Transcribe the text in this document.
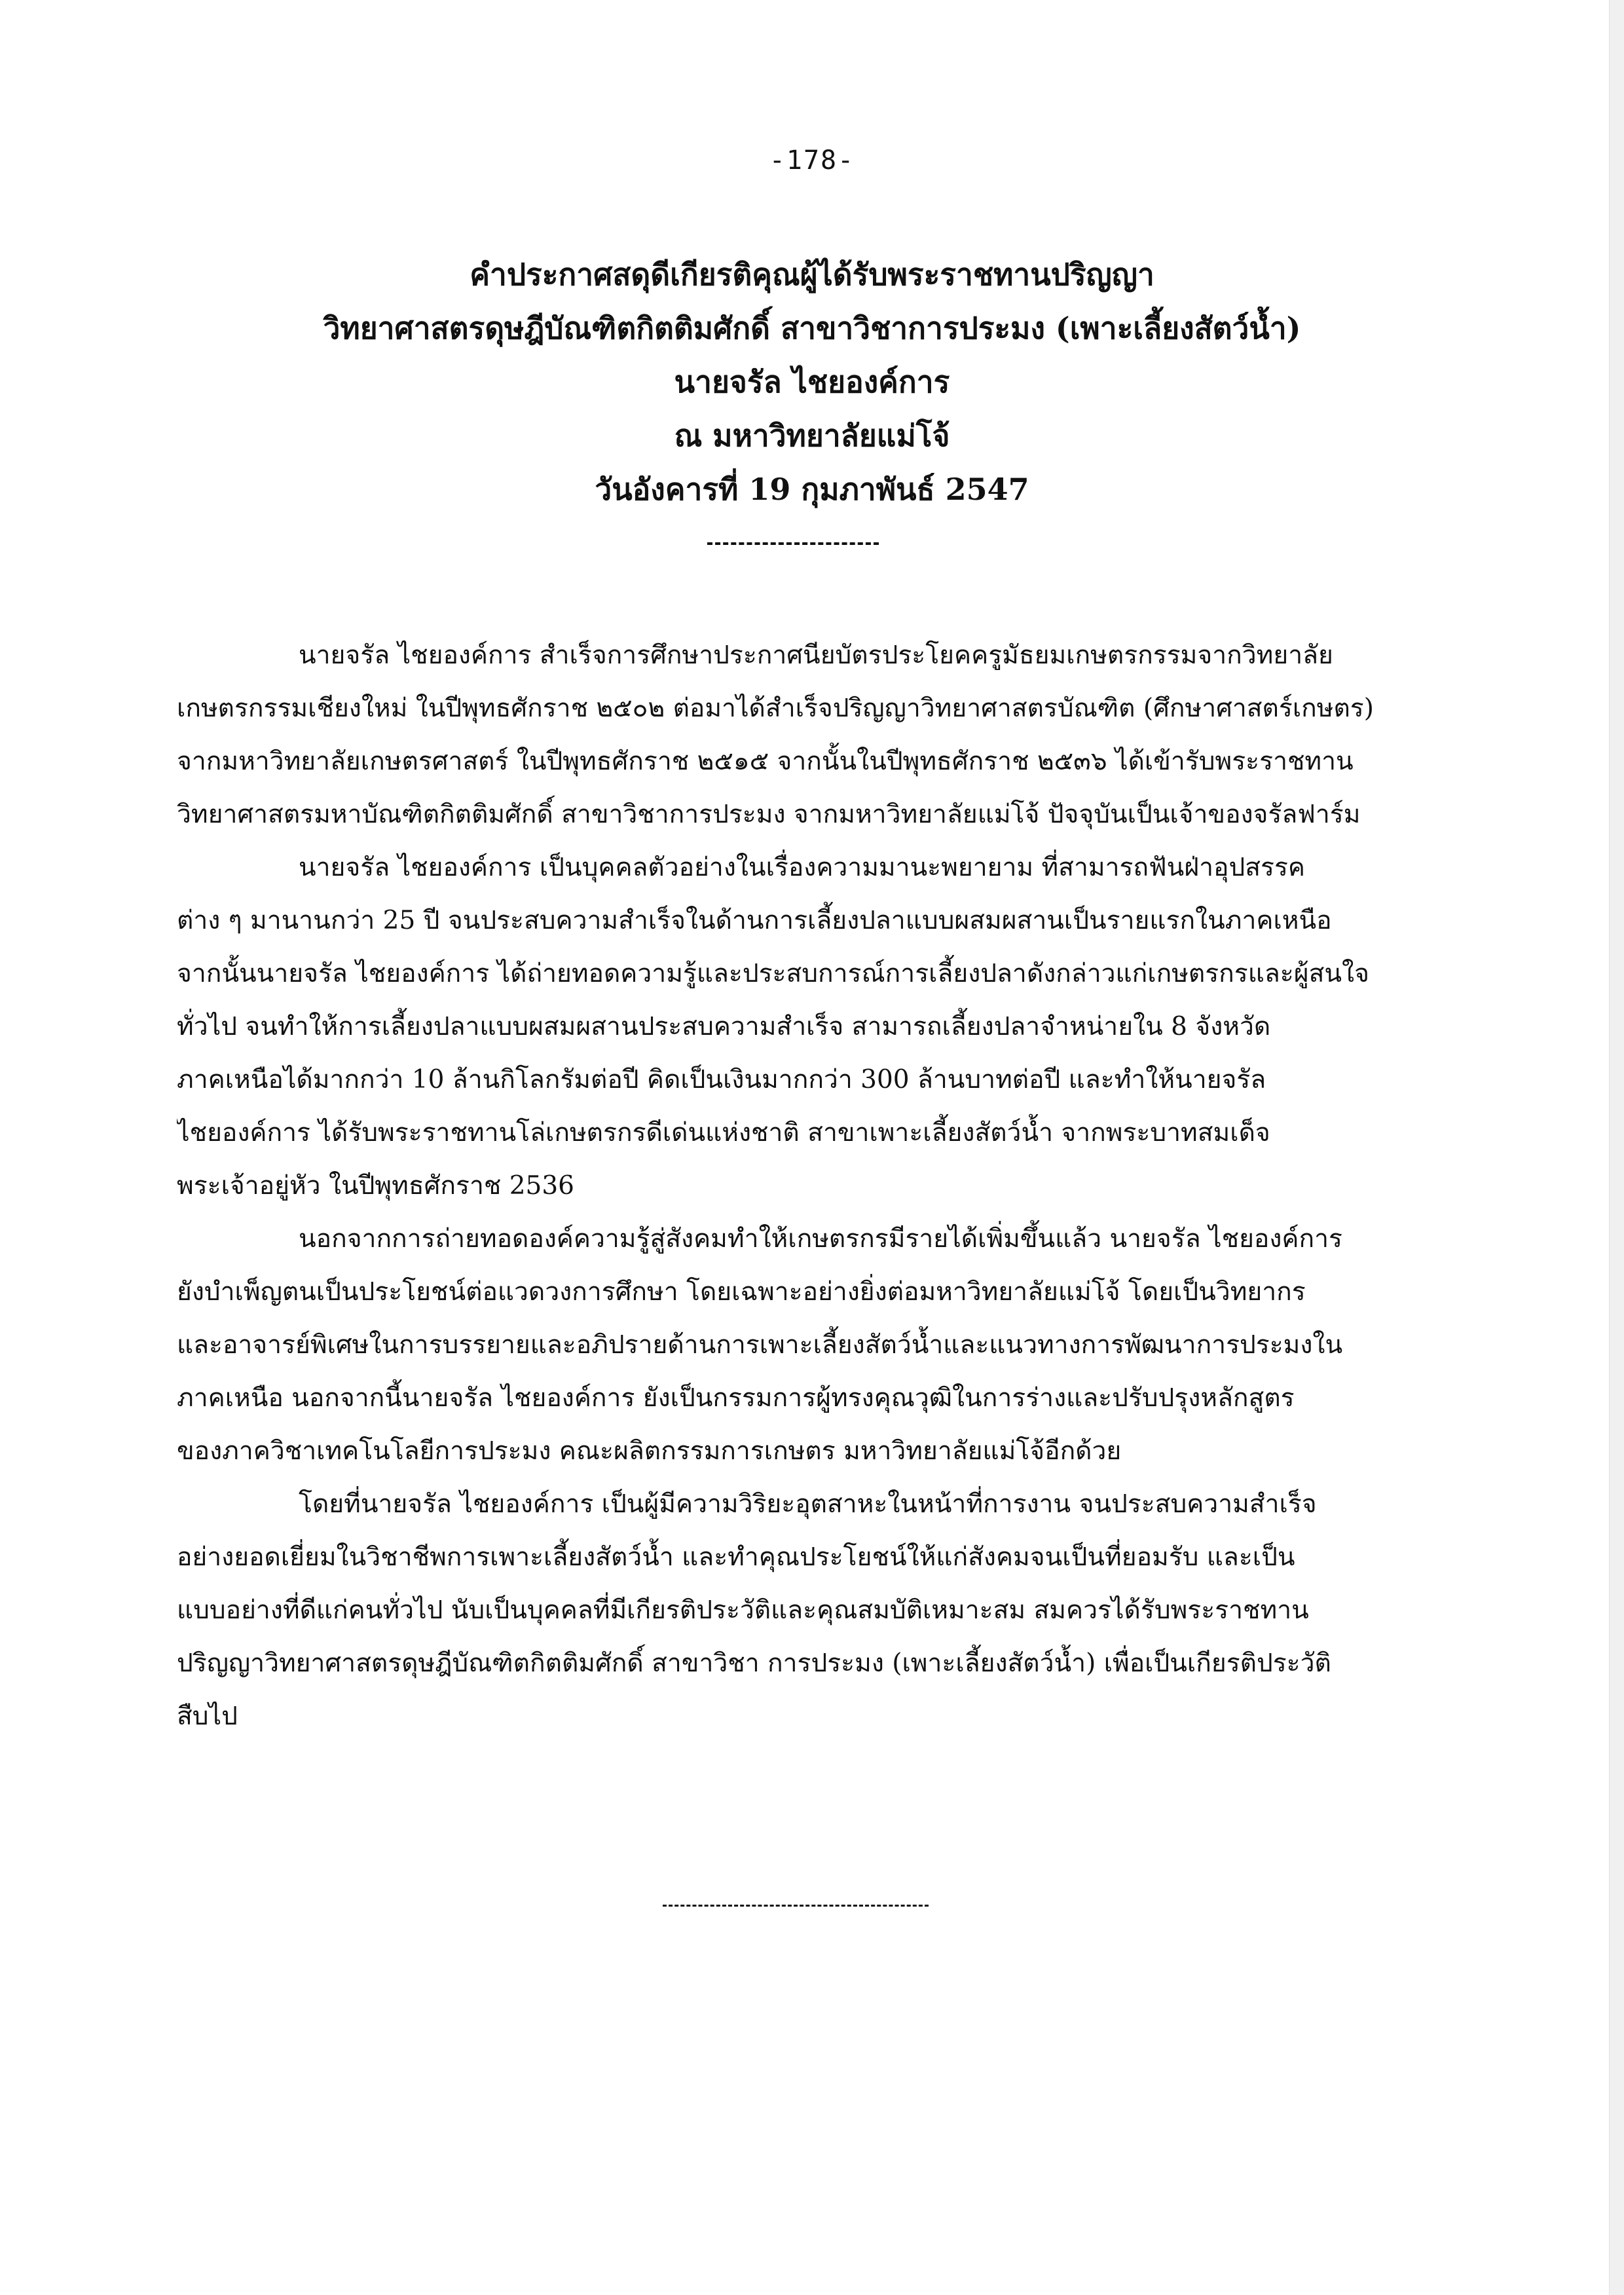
-178-
คำประกาศสดุดีเกียรติคุณผู้ได้รับพระราชทานปริญญา
วิทยาศาสตรดุษฎีบัณฑิตกิตติมศักดิ์ สาขาวิชาการประมง (เพาะเลี้ยงสัตว์น้ำ)
นายจรัล ไชยองค์การ
ณ มหาวิทยาลัยแม่โจ้
วันอังคารที่ 19 กุมภาพันธ์ 2547
นายจรัล ไชยองค์การ สำเร็จการศึกษาประกาศนียบัตรประโยคครูมัธยมเกษตรกรรมจากวิทยาลัย
เกษตรกรรมเชียงใหม่ ในปีพุทธศักราช ๒๕๐๒ ต่อมาได้สำเร็จปริญญาวิทยาศาสตรบัณฑิต (ศึกษาศาสตร์เกษตร)
จากมหาวิทยาลัยเกษตรศาสตร์ ในปีพุทธศักราช ๒๕๑๕ จากนั้นในปีพุทธศักราช ๒๕๓๖ ได้เข้ารับพระราชทาน
วิทยาศาสตรมหาบัณฑิตกิตติมศักดิ์ สาขาวิชาการประมง จากมหาวิทยาลัยแม่โจ้ ปัจจุบันเป็นเจ้าของจรัลฟาร์ม
นายจรัล ไชยองค์การ เป็นบุคคลตัวอย่างในเรื่องความมานะพยายาม ที่สามารถฟันฝ่าอุปสรรค
ต่าง ๆ มานานกว่า 25 ปี จนประสบความสำเร็จในด้านการเลี้ยงปลาแบบผสมผสานเป็นรายแรกในภาคเหนือ
จากนั้นนายจรัล ไชยองค์การ ได้ถ่ายทอดความรู้และประสบการณ์การเลี้ยงปลาดังกล่าวแก่เกษตรกรและผู้สนใจ
ทั่วไป จนทำให้การเลี้ยงปลาแบบผสมผสานประสบความสำเร็จ สามารถเลี้ยงปลาจำหน่ายใน 8 จังหวัด
ภาคเหนือได้มากกว่า 10 ล้านกิโลกรัมต่อปี คิดเป็นเงินมากกว่า 300 ล้านบาทต่อปี และทำให้นายจรัล
ไชยองค์การ ได้รับพระราชทานโล่เกษตรกรดีเด่นแห่งชาติ สาขาเพาะเลี้ยงสัตว์น้ำ จากพระบาทสมเด็จ
พระเจ้าอยู่หัว ในปีพุทธศักราช 2536
นอกจากการถ่ายทอดองค์ความรู้สู่สังคมทำให้เกษตรกรมีรายได้เพิ่มขึ้นแล้ว นายจรัล ไชยองค์การ
ยังบำเพ็ญตนเป็นประโยชน์ต่อแวดวงการศึกษา โดยเฉพาะอย่างยิ่งต่อมหาวิทยาลัยแม่โจ้ โดยเป็นวิทยากร
และอาจารย์พิเศษในการบรรยายและอภิปรายด้านการเพาะเลี้ยงสัตว์น้ำและแนวทางการพัฒนาการประมงใน
ภาคเหนือ นอกจากนี้นายจรัล ไชยองค์การ ยังเป็นกรรมการผู้ทรงคุณวุฒิในการร่างและปรับปรุงหลักสูตร
ของภาควิชาเทคโนโลยีการประมง คณะผลิตกรรมการเกษตร มหาวิทยาลัยแม่โจ้อีกด้วย
โดยที่นายจรัล ไชยองค์การ เป็นผู้มีความวิริยะอุตสาหะในหน้าที่การงาน จนประสบความสำเร็จ
อย่างยอดเยี่ยมในวิชาชีพการเพาะเลี้ยงสัตว์น้ำ และทำคุณประโยชน์ให้แก่สังคมจนเป็นที่ยอมรับ และเป็น
แบบอย่างที่ดีแก่คนทั่วไป นับเป็นบุคคลที่มีเกียรติประวัติและคุณสมบัติเหมาะสม สมควรได้รับพระราชทาน
ปริญญาวิทยาศาสตรดุษฎีบัณฑิตกิตติมศักดิ์ สาขาวิชา การประมง (เพาะเลี้ยงสัตว์น้ำ) เพื่อเป็นเกียรติประวัติ
สืบไป
